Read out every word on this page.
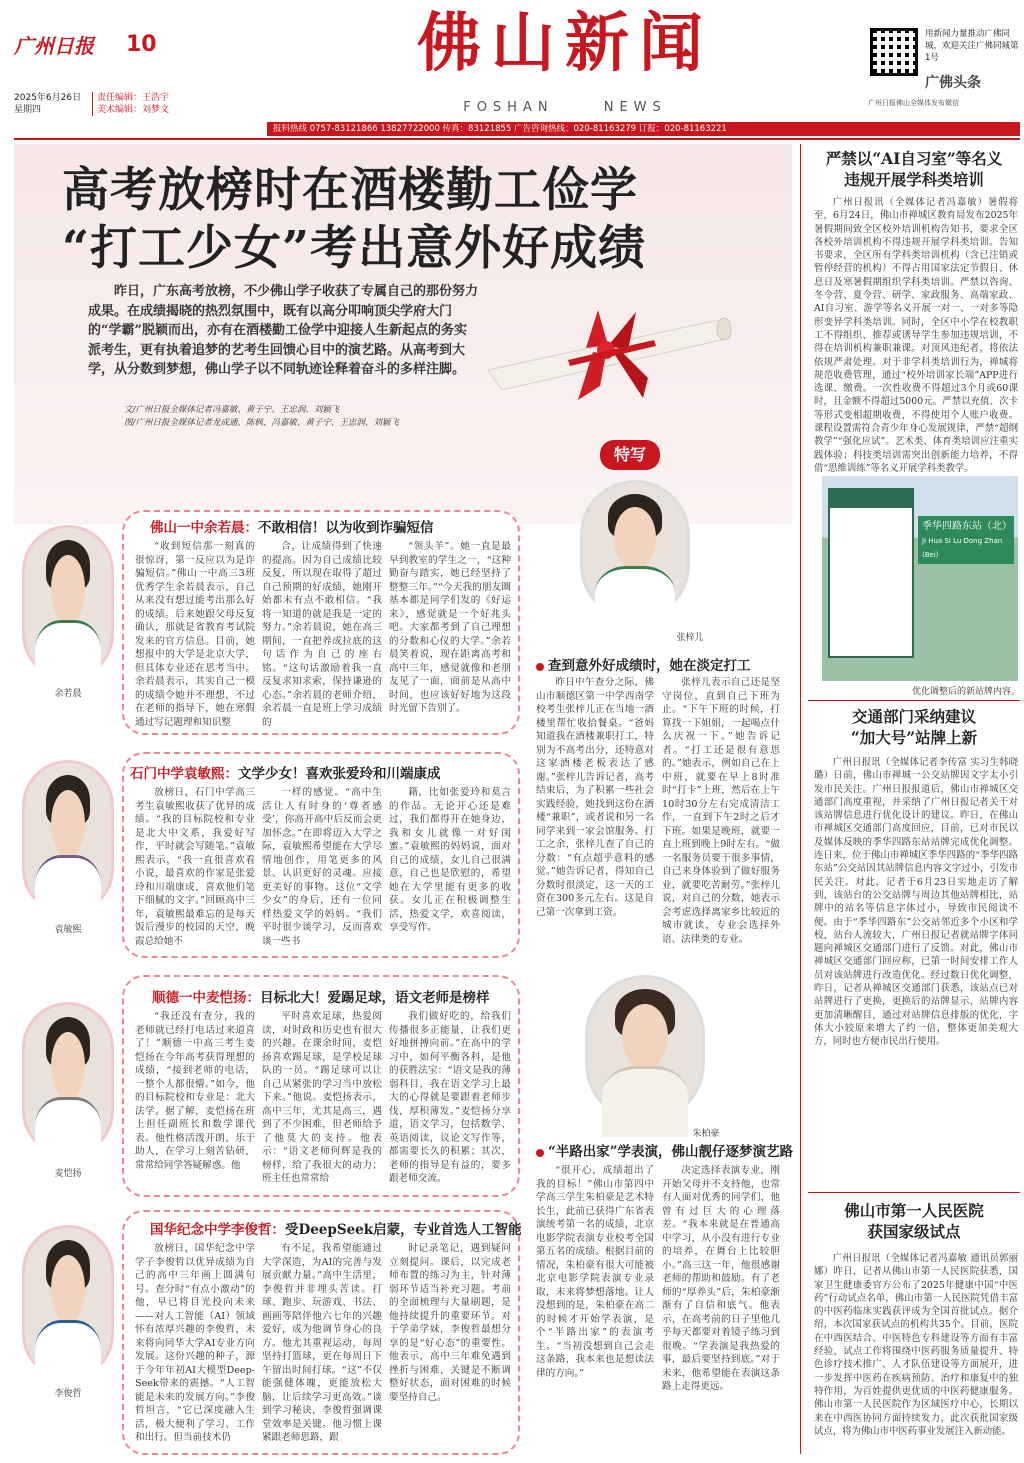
广州日报 10
2025年6月26日
星期四
责任编辑：王浩宇
美术编辑：刘梦文
佛山新闻
FOSHAN	NEWS
用新闻力量推动广佛同城，欢迎关注广佛同城第1号
广佛头条
广州日报佛山全媒体发布微信
报料热线 0757-83121866 13827722000 传真：83121855 广告咨询热线：020-81163279 订报：020-81163221
高考放榜时在酒楼勤工俭学
“打工少女”考出意外好成绩
昨日，广东高考放榜，不少佛山学子收获了专属自己的那份努力成果。在成绩揭晓的热烈氛围中，既有以高分叩响顶尖学府大门的“学霸”脱颖而出，亦有在酒楼勤工俭学中迎接人生新起点的务实派考生，更有执着追梦的艺考生回馈心目中的演艺路。从高考到大学，从分数到梦想，佛山学子以不同轨迹诠释着奋斗的多样注脚。
文/广州日报全媒体记者冯嘉敏、黄子宁、王忠润、刘颖飞
图/广州日报全媒体记者龙成通、陈枫、冯嘉敏、黄子宁、王忠润、刘颖飞
特写
余若晨
佛山一中余若晨：不敢相信！以为收到诈骗短信
“收到短信那一刻真的很惊讶，第一反应以为是诈骗短信。”佛山一中高三3班优秀学生余若晨表示，自己从来没有想过能考出那么好的成绩。后来她跟父母反复确认，那就是省教育考试院发来的官方信息。目前，她想报中的大学是北京大学，但具体专业还在思考当中。余若晨表示，其实自己一模的成绩令她并不理想，不过在老师的指导下，她在寒假通过写记题理和知识整
合，让成绩得到了快速的提高。因为自己成绩比较反复，所以现在取得了超过自己预期的好成绩，她刚开始都未有点不敢相信。“我将一知道的就是我是一定的努力。”余若晨说，她在高三期间，一直把养成拉底的这句话作为自己的座右铭。“这句话激励着我一直反复求知求索，保持谦逊的心态。”余若晨的老师介绍，余若晨一直是班上学习成绩的
“领头羊”。她一直是最早到教室的学生之一，“这种勤奋与踏实，她已经坚持了整整三年。”“今天我的朋友圈基本都是同学们发的《好运来》，感觉就是一个好兆头吧。大家都考到了自己理想的分数和心仪的大学。”余若晨笑着说，现在距离高考和高中三年，感觉就像和老朋友见了一面，面前是从高中时间，也应该好好地为这段时光留下告别了。
袁敏熙
石门中学袁敏熙：文学少女！喜欢张爱玲和川端康成
放榜日，石门中学高三考生袁敏熙收获了优异的成绩。“我的目标院校和专业是北大中文系，我爱好写作，平时就会写随笔。”袁敏熙表示，“我一直很喜欢看小说，最喜欢的作家是张爱玲和川端康成，喜欢他们笔下细腻的文字。”回顾高中三年，袁敏熙最难忘的是每天饭后漫步的校园的天空，晚霞总给她不
一样的感觉。“高中生活让人有时身的‘尊者感受’，你高开高中后反而会更加怀念。”在即将迈入大学之际，袁敏熙希望能在大学尽情地创作，用笔更多的风景、认识更好的灵魂。应接更美好的事物。这位“文学少女”的身后，还有一位同样热爱文学的妈妈。“我们平时很少谈学习，反而喜欢谈一些书
籍，比如张爱玲和莫言的作品。无论开心还是难过，我们都得开在她身边，我和女儿就像一对好闺蜜。”袁敏熙的妈妈说，面对自己的成绩，女儿自己很满意，自己也是欣慰的，希望她在大学里能有更多的收获。女儿正在积极调整生活，热爱文学，欢喜阅读，享受写作。
麦恺扬
顺德一中麦恺扬：目标北大！爱踢足球，语文老师是榜样
“我还没有查分，我的老师就已经打电话过来道喜了！”顺德一中高三考生麦恺扬在今年高考获得理想的成绩，“接到老师的电话，一整个人都很懵。”如今，他的目标院校和专业是：北大法学。据了解，麦恺扬在班上担任副班长和数学课代表。他性格活泼开朗，乐于助人，在学习上刻苦钻研，常常给同学答疑解惑。他
平时喜欢足球，热爱阅读，对时政和历史也有很大的兴趣。在课余时间，麦恺扬喜欢踢足球，是学校足球队的一员。“踢足球可以让自己从紧张的学习当中放松下来。”他说。麦恺扬表示，高中三年，尤其是高三，遇到了不少困难，但老师给予了他莫大的支持。他表示：“语文老师何辉是我的榜样，给了我很大的动力；班主任也常常给
我们做好吃的，给我们传播很多正能量，让我们更好地拼搏向前。”在高中的学习中，如何平衡各科，是他的获胜法宝：“语文是我的薄弱科目，我在语文学习上最大的心得就是要跟着老师步伐，厚积薄发。”麦恺扬分享道，语文学习，包括数学、英语阅读，议论文写作等，都需要长久的积累；其次，老师的指导是有益的，要多跟老师交流。
李俊哲
国华纪念中学李俊哲：受DeepSeek启蒙，专业首选人工智能
放榜日，国华纪念中学学子李俊哲以优异成绩为自己的高中三年画上圆满句号。查分时“有点小激动”的他，早已将目光投向未来——对人工智能（AI）领域怀有浓厚兴趣的李俊哲，未来将向同华大学AI专业方向发展。这份兴趣的种子，源于今年年初AI大模型Deep-Seek带来的震撼。“人工智能是未来的发展方向。”李俊哲坦言，“它已深度融入生活，极大便利了学习、工作和出行。但当前技术仍
有不足，我希望能通过大学深造，为AI的完善与发展贡献力量。”高中生活里，李俊哲并非埋头苦读。打球、跑步、玩游戏、书法、画画等陪伴他六七年的兴趣爱好，成为他调节身心的良方。他尤其重视运动，每周坚持打篮球，更在每周日下午留出时间打球。“这”不仅能强健体魄，更能放松大脑，让后续学习更高效。”谈到学习秘诀，李俊哲强调课堂效率是关键。他习惯上课紧跟老师思路，跟
时记录笔记，遇到疑问立刻提问。课后，以完成老师布置的练习为主，针对薄弱环节适当补充习题。考前的全面梳理与大量刷题，是他持续提升的重要环节。对于学弟学妹，李俊哲最想分享的是“好心态”的重要性。他表示，高中三年难免遇到挫折与困难，关键是不断调整好状态，面对困难的时候要坚持自己。
张梓儿
查到意外好成绩时，她在淡定打工
昨日中午查分之际，佛山市顺德区第一中学西南学校考生张梓儿正在当地一酒楼里帮忙收拾餐桌。“爸妈知道我在酒楼兼职打工，特别为不高考出分，还特意对这家酒楼老板表达了感谢。”张梓儿告诉记者，高考结束后，为了积累一些社会实践经验，她找到这份在酒楼“兼职”，或者说和另一名同学来到一家会馆服务。打工之余，张梓儿查了自己的分数：“有点超乎意料的感觉。”她告诉记者，得知自己分数时很淡定，这一天的工资在300多元左右。这是自己第一次拿到工资。
张梓儿表示自己还是坚守岗位，直到自己下班为止。“下午下班的时候，打算找一下姐姐，一起喝点什么庆祝一下。”她告诉记者。“打工还是很有意思的。”她表示，例如自己在上中班，就要在早上8时准时“打卡”上班，然后在上午10时30分左右完成清洁工作，一直到下午2时之后才下班。如果是晚班，就要一直上班到晚上9时左右。“做一名服务员要干很多事情，自己来身体验到了做好服务业，就要吃苦耐劳。”张梓儿说，对自己的分数，她表示会考虑选择离家乡比较近的城市就读，专业会选择外语、法律类的专业。
朱柏豪
“半路出家”学表演，佛山靓仔逐梦演艺路
“很开心，成绩超出了我的目标！”佛山市第四中学高三学生朱柏豪是艺术特长生，此前已获得广东省表演统考第一名的成绩，北京电影学院表演专业校考全国第五名的成绩。根据目前的情况，朱柏豪有很大可能被北京电影学院表演专业录取，未来将梦想落地。让人没想到的是，朱柏豪在高二的时候才开始学表演，是个“半路出家”的表演考生。“当初没想到自己会走这条路，我本来也是想读法律的方向。”
决定选择表演专业，刚开始父母并不支持他，也常有人面对优秀的同学们，他曾有过巨大的心理落差。“我本来就是在普通高中学习，从小没有进行专业的培养，在舞台上比较胆小。”高三这一年，他很感谢老师的帮助和鼓励。有了老师的“厚养头”后，朱柏豪渐渐有了自信和底气。他表示，在高考前的日子里他几乎每天都要对着镜子练习到很晚。“学表演是我热爱的事，最后要坚持到底。”对于未来，他希望能在表演这条路上走得更远。
严禁以“AI自习室”等名义
违规开展学科类培训
广州日报讯（全媒体记者冯嘉敏）暑假将至，6月24日，佛山市禅城区教育局发布2025年暑假期间致全区校外培训机构告知书，要求全区各校外培训机构不得违规开展学科类培训。告知书要求，全区所有学科类培训机构（含已注销或暂停经营的机构）不得占用国家法定节假日、休息日及寒暑假期组织学科类培训。严禁以咨询、冬令营、夏令营、研学、家政服务、高端家政、AI自习室、游学等名义开展一对一、一对多等隐形变异学科类培训。同时，全区中小学在校教职工不得组织、推荐或诱导学生参加违规培训，不得在培训机构兼职兼课。对顶风违纪者，将依法依规严肃处理。对于非学科类培训行为，禅城将规范收费管理，通过“校外培训家长端”APP进行选课、缴费。一次性收费不得超过3个月或60课时，且金额不得超过5000元。严禁以充值、次卡等形式变相超期收费，不得使用个人账户收费。课程设置需符合青少年身心发展规律，严禁“超纲教学”“强化应试”。艺术类、体育类培训应注重实践体验；科技类培训需突出创新能力培养，不得借“思维训练”等名义开展学科类教学。
季华四路东站（北）
Ji Hua Si Lu Dong Zhan (Bei)
优化调整后的新站牌内容。
交通部门采纳建议
“加大号”站牌上新
广州日报讯（全媒体记者李传富 实习生韩晓璐）日前，佛山市禅城一公交站牌因文字太小引发市民关注。广州日报报道后，佛山市禅城区交通部门高度重视，并采纳了广州日报记者关于对该站牌信息进行优化设计的建议。昨日，在佛山市禅城区交通部门高度回应，目前，已对市民以及媒体反映的季华四路东站站牌完成优化调整。连日来，位于佛山市禅城区季华四路的“季华四路东站”公交站因其站牌信息内容文字过小，引发市民关注。对此，记者于6月23日实地走访了解到，该站台的公交站牌与周边其他站牌相比，站牌中的站名等信息字体过小，导致市民阅读不便。由于“季华四路东”公交站邻近多个小区和学校，站台人流较大，广州日报记者就站牌字体问题向禅城区交通部门进行了反馈。对此，佛山市禅城区交通部门回应称，已第一时间安排工作人员对该站牌进行改造优化。经过数日优化调整，昨日，记者从禅城区交通部门获悉，该站点已对站牌进行了更换，更换后的站牌显示，站牌内容更加清晰醒目，通过对站牌信息排版的优化，字体大小较原来增大了约一倍，整体更加美观大方，同时也方便市民出行使用。
佛山市第一人民医院
获国家级试点
广州日报讯（全媒体记者冯嘉敏 通讯员郭丽娜）昨日，记者从佛山市第一人民医院获悉，国家卫生健康委官方公布了2025年健康中国“中医药”行动试点名单，佛山市第一人民医院凭借丰富的中医药临床实践获评成为全国首批试点。据介绍，本次国家获试点的机构共35个。目前，医院在中西医结合、中医特色专科建设等方面有丰富经验，试点工作将围绕中医药服务质量提升、特色诊疗技术推广、人才队伍建设等方面展开，进一步发挥中医药在疾病预防、治疗和康复中的独特作用，为百姓提供更优质的中医药健康服务。佛山市第一人民医院作为区域医疗中心，长期以来在中西医协同方面持续发力，此次获批国家级试点，将为佛山市中医药事业发展注入新动能。
